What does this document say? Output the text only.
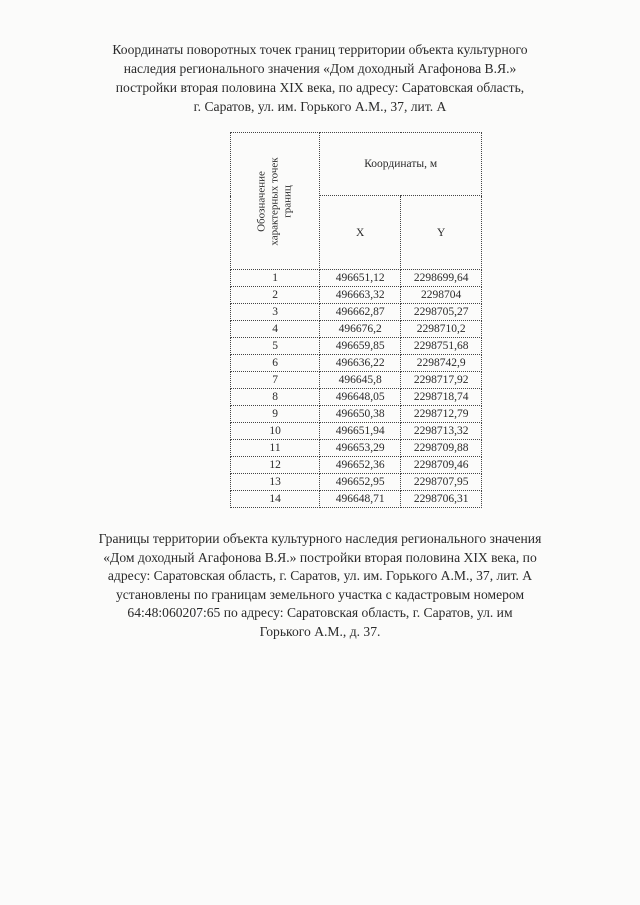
Координаты поворотных точек границ территории объекта культурного
наследия регионального значения «Дом доходный Агафонова В.Я.»
постройки вторая половина XIX века, по адресу: Саратовская область,
г. Саратов, ул. им. Горького А.М., 37, лит. А
Обозначение
характерных точек
границ	Координаты, м	
	X	Y
1	496651,12	2298699,64
2	496663,32	2298704
3	496662,87	2298705,27
4	496676,2	2298710,2
5	496659,85	2298751,68
6	496636,22	2298742,9
7	496645,8	2298717,92
8	496648,05	2298718,74
9	496650,38	2298712,79
10	496651,94	2298713,32
11	496653,29	2298709,88
12	496652,36	2298709,46
13	496652,95	2298707,95
14	496648,71	2298706,31
Границы территории объекта культурного наследия регионального значения
«Дом доходный Агафонова В.Я.» постройки вторая половина XIX века, по
адресу: Саратовская область, г. Саратов, ул. им. Горького А.М., 37, лит. А
установлены по границам земельного участка с кадастровым номером
64:48:060207:65 по адресу: Саратовская область, г. Саратов, ул. им
Горького А.М., д. 37.
